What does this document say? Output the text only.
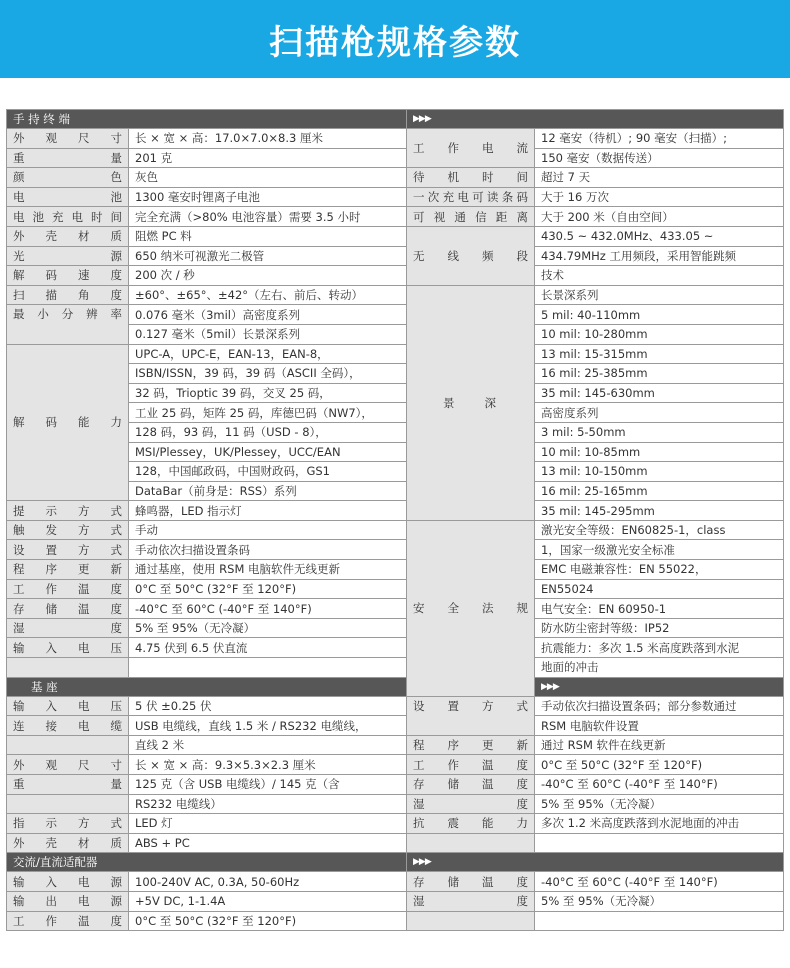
扫描枪规格参数
手 持 终 端		▶▶▶	
外观尺寸	长 × 宽 × 高：17.0×7.0×8.3 厘米	工作电流	12 毫安（待机）; 90 毫安（扫描）;
重量	201 克		150 毫安（数据传送）
颜色	灰色	待机时间	超过 7 天
电池	1300 毫安时锂离子电池	一次充电可读条码	大于 16 万次
电池充电时间	完全充满（>80% 电池容量）需要 3.5 小时	可视通信距离	大于 200 米（自由空间）
外壳材质	阻燃 PC 料	无线频段	430.5 ~ 432.0MHz、433.05 ~
光源	650 纳米可视激光二极管		434.79MHz 工用频段，采用智能跳频
解码速度	200 次 / 秒		技术
扫描角度	±60°、±65°、±42°（左右、前后、转动）	景深	长景深系列
最小分辨率	0.076 毫米（3mil）高密度系列		5 mil: 40-110mm
	0.127 毫米（5mil）长景深系列		10 mil: 10-280mm
解码能力	UPC-A，UPC-E，EAN-13，EAN-8，		13 mil: 15-315mm
	ISBN/ISSN，39 码，39 码（ASCII 全码），		16 mil: 25-385mm
	32 码，Trioptic 39 码，交叉 25 码，		35 mil: 145-630mm
	工业 25 码，矩阵 25 码，库德巴码（NW7），		高密度系列
	128 码，93 码，11 码（USD - 8），		3 mil: 5-50mm
	MSI/Plessey，UK/Plessey，UCC/EAN		10 mil: 10-85mm
	128，中国邮政码，中国财政码，GS1		13 mil: 10-150mm
	DataBar（前身是：RSS）系列		16 mil: 25-165mm
提示方式	蜂鸣器，LED 指示灯		35 mil: 145-295mm
触发方式	手动	安全法规	激光安全等级：EN60825-1，class
设置方式	手动依次扫描设置条码		1，国家一级激光安全标准
程序更新	通过基座，使用 RSM 电脑软件无线更新		EMC 电磁兼容性：EN 55022，
工作温度	0°C 至 50°C (32°F 至 120°F)		EN55024
存储温度	-40°C 至 60°C (-40°F 至 140°F)		电气安全：EN 60950-1
湿度	5% 至 95%（无冷凝）		防水防尘密封等级：IP52
输入电压	4.75 伏到 6.5 伏直流		抗震能力：多次 1.5 米高度跌落到水泥
			地面的冲击
基 座			▶▶▶
输入电压	5 伏 ±0.25 伏	设置方式	手动依次扫描设置条码；部分参数通过
连接电缆	USB 电缆线，直线 1.5 米 / RS232 电缆线，		RSM 电脑软件设置
	直线 2 米	程序更新	通过 RSM 软件在线更新
外观尺寸	长 × 宽 × 高：9.3×5.3×2.3 厘米	工作温度	0°C 至 50°C (32°F 至 120°F)
重量	125 克（含 USB 电缆线）/ 145 克（含	存储温度	-40°C 至 60°C (-40°F 至 140°F)
	RS232 电缆线）	湿度	5% 至 95%（无冷凝）
指示方式	LED 灯	抗震能力	多次 1.2 米高度跌落到水泥地面的冲击
外壳材质	ABS + PC		
交流/直流适配器		▶▶▶	
输入电源	100-240V AC, 0.3A, 50-60Hz	存储温度	-40°C 至 60°C (-40°F 至 140°F)
输出电源	+5V DC, 1-1.4A	湿度	5% 至 95%（无冷凝）
工作温度	0°C 至 50°C (32°F 至 120°F)		
